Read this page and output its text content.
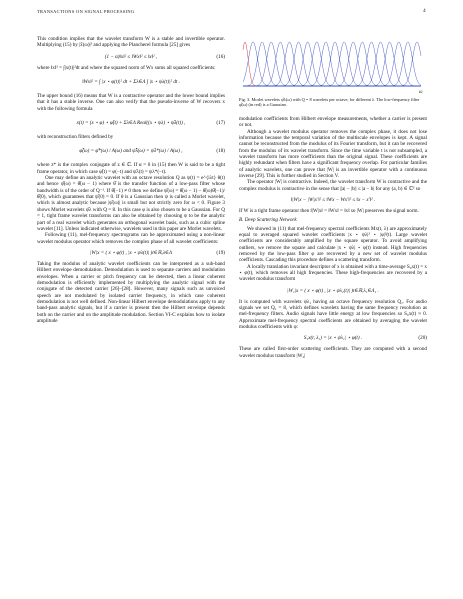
TRANSACTIONS ON SIGNAL PROCESSING	4

This condition implies that the wavelet transform W is a stable and invertible operator. Multiplying (15) by |x̂(ω)|² and applying the Plancherel formula [25] gives

(1 − α)‖x‖² ≤ ‖Wx‖² ≤ ‖x‖² ,	(16)

where ‖x‖² = ∫|x(t)|²dt and where the squared norm of Wx sums all squared coefficients:

‖Wx‖² = ∫ |x ⋆ φ(t)|² dt + Σλ∈Λ ∫ |x ⋆ ψλ(t)|² dt .

The upper bound (16) means that W is a contractive operator and the lower bound implies that it has a stable inverse. One can also verify that the pseudo-inverse of W recovers x with the following formula

x(t) = (x ⋆ φ) ⋆ φ̃(t) + Σλ∈Λ Real((x ⋆ ψλ) ⋆ ψ̃λ(t)) ,	(17)

with reconstruction filters defined by

φ̃̂(ω) = φ̂*(ω) / A(ω) and ψ̃̂λ(ω) = ψ̂λ*(ω) / A(ω) ,	(18)

where z* is the complex conjugate of z ∈ ℂ. If α = 0 in (15) then W is said to be a tight frame operator, in which case φ̃(t) = φ(−t) and ψ̃λ(t) = ψλ*(−t).

One may define an analytic wavelet with an octave resolution Q as ψ(t) = e^{iλt} θ(t) and hence ψ̂(ω) = θ̂(ω − 1) where θ̂ is the transfer function of a low-pass filter whose bandwidth is of the order of Q⁻¹. If θ̂(−1) ≠ 0 then we define ψ̂(ω) = θ̂(ω − 1) − θ̂(ω)θ̂(−1)/θ̂(0), which guarantees that ψ̂(0) = 0. If θ is a Gaussian then ψ is called a Morlet wavelet, which is almost analytic because |ψ̂(ω)| is small but not strictly zero for ω < 0. Figure 3 shows Morlet wavelets ψ̂λ with Q = 8. In this case φ is also chosen to be a Gaussian. For Q = 1, tight frame wavelet transforms can also be obtained by choosing ψ to be the analytic part of a real wavelet which generates an orthogonal wavelet basis, such as a cubic spline wavelet [11]. Unless indicated otherwise, wavelets used in this paper are Morlet wavelets.

Following (11), mel-frequency spectrograms can be approximated using a non-linear wavelet modulus operator which removes the complex phase of all wavelet coefficients:

|W|x = ( x ⋆ φ(t) , |x ⋆ ψλ(t)| )t∈ℝ,λ∈Λ	(19)

Taking the modulus of analytic wavelet coefficients can be interpreted as a sub-band Hilbert envelope demodulation. Demodulation is used to separate carriers and modulation envelopes. When a carrier or pitch frequency can be detected, then a linear coherent demodulation is efficiently implemented by multiplying the analytic signal with the conjugate of the detected carrier [26]–[28]. However, many signals such as unvoiced speech are not modulated by isolated carrier frequency, in which case coherent demodulation is not well defined. Non-linear Hilbert envelope demodulations apply to any band-pass analytic signals, but if a carrier is present then the Hilbert envelope depends both on the carrier and on the amplitude modulation. Section VI-C explains how to isolate amplitude

ω
Fig. 3. Morlet wavelets ψ̂λ(ω) with Q = 8 wavelets per octave, for different λ. The low-frequency filter φ̂(ω) (in red) is a Gaussian.

modulation coefficients from Hilbert envelope measurements, whether a carrier is present or not.

Although a wavelet modulus operator removes the complex phase, it does not lose information because the temporal variation of the multiscale envelopes is kept. A signal cannot be reconstructed from the modulus of its Fourier transform, but it can be recovered from the modulus of its wavelet transform. Since the time variable t is not subsampled, a wavelet transform has more coefficients than the original signal. These coefficients are highly redundant when filters have a significant frequency overlap. For particular families of analytic wavelets, one can prove that |W| is an invertible operator with a continuous inverse [29]. This is further studied in Section V.

The operator |W| is contractive. Indeed, the wavelet transform W is contractive and the complex modulus is contractive in the sense that ||a| − |b|| ≤ |a − b| for any (a, b) ∈ ℂ² so

‖|W|x − |W|x′‖² ≤ ‖Wx − Wx′‖² ≤ ‖x − x′‖² .

If W is a tight frame operator then ‖|W|x‖ = ‖Wx‖ = ‖x‖ so |W| preserves the signal norm.

B. Deep Scattering Network

We showed in (11) that mel-frequency spectral coefficients Mx(t, λ) are approximately equal to averaged squared wavelet coefficients |x ⋆ ψλ|² ⋆ |φ|²(t). Large wavelet coefficients are considerably amplified by the square operator. To avoid amplifying outliers, we remove the square and calculate |x ⋆ ψλ| ⋆ φ(t) instead. High frequencies removed by the low-pass filter φ are recovered by a new set of wavelet modulus coefficients. Cascading this procedure defines a scattering transform.

A locally translation invariant descriptor of x is obtained with a time-average S₀x(t) = x ⋆ φ(t), which removes all high frequencies. These high-frequencies are recovered by a wavelet modulus transform

|W₁|x = ( x ⋆ φ(t) , |x ⋆ ψλ₁(t)| )t∈ℝ,λ₁∈Λ₁ .

It is computed with wavelets ψλ₁ having an octave frequency resolution Q₁. For audio signals we set Q₁ = 8, which defines wavelets having the same frequency resolution as mel-frequency filters. Audio signals have little energy at low frequencies so S₀x(t) ≈ 0. Approximate mel-frequency spectral coefficients are obtained by averaging the wavelet modulus coefficients with φ:

S₁x(t, λ₁) = |x ⋆ ψλ₁| ⋆ φ(t) .	(20)

These are called first-order scattering coefficients. They are computed with a second wavelet modulus transform |W₂|
